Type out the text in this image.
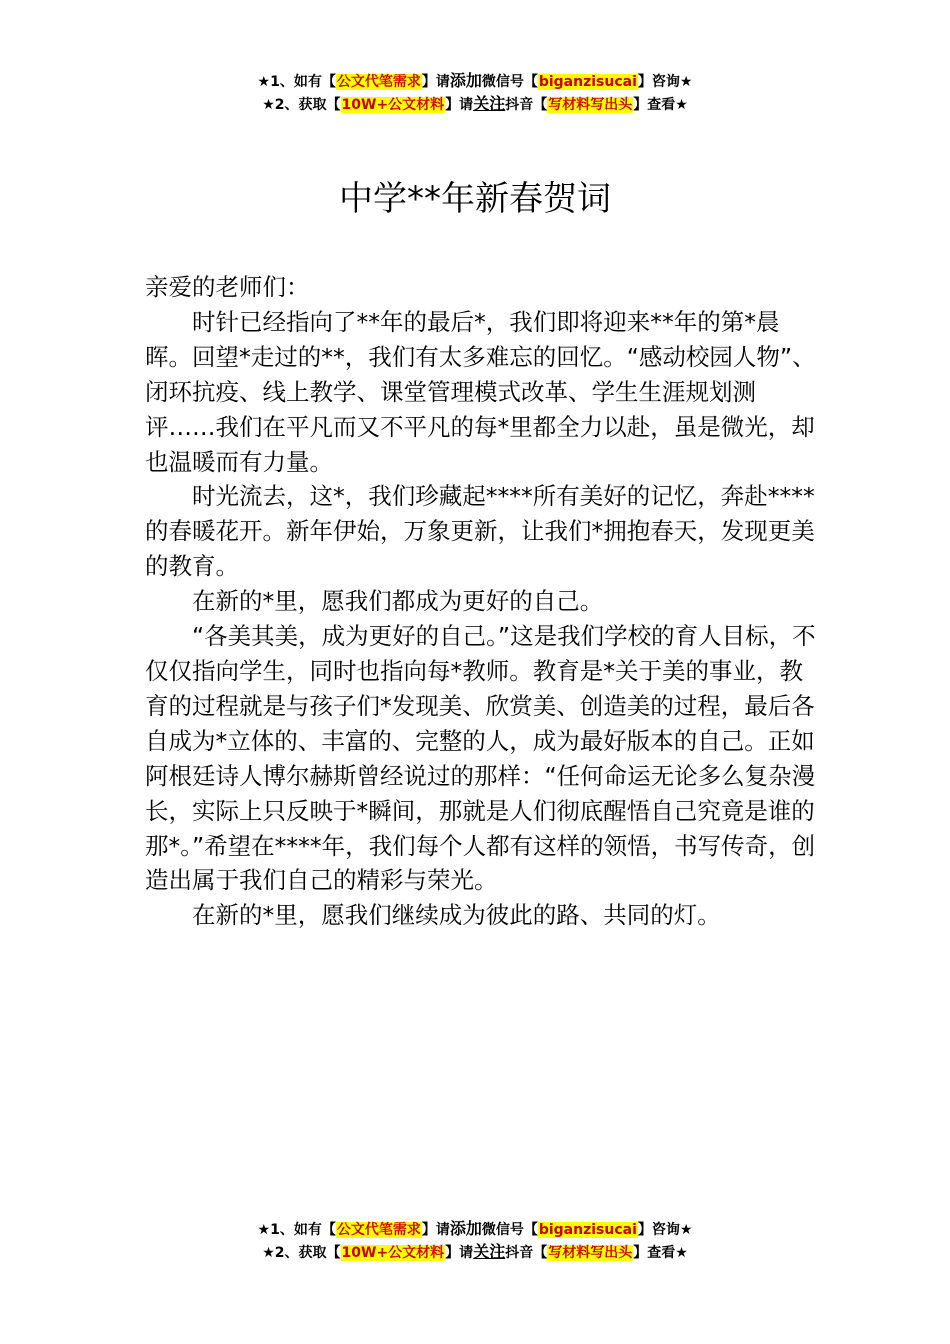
★1、如有【公文代笔需求】请添加微信号【biganzisucai】咨询★
★2、获取【10W+公文材料】请关注抖音【写材料写出头】查看★
中学**年新春贺词

亲爱的老师们：

时针已经指向了**年的最后*，我们即将迎来**年的第*晨晖。回望*走过的**，我们有太多难忘的回忆。“感动校园人物”、闭环抗疫、线上教学、课堂管理模式改革、学生生涯规划测评……我们在平凡而又不平凡的每*里都全力以赴，虽是微光，却也温暖而有力量。

时光流去，这*，我们珍藏起****所有美好的记忆，奔赴****的春暖花开。新年伊始，万象更新，让我们*拥抱春天，发现更美的教育。

在新的*里，愿我们都成为更好的自己。

“各美其美，成为更好的自己。”这是我们学校的育人目标，不仅仅指向学生，同时也指向每*教师。教育是*关于美的事业，教育的过程就是与孩子们*发现美、欣赏美、创造美的过程，最后各自成为*立体的、丰富的、完整的人，成为最好版本的自己。正如阿根廷诗人博尔赫斯曾经说过的那样：“任何命运无论多么复杂漫长，实际上只反映于*瞬间，那就是人们彻底醒悟自己究竟是谁的那*。”希望在****年，我们每个人都有这样的领悟，书写传奇，创造出属于我们自己的精彩与荣光。

在新的*里，愿我们继续成为彼此的路、共同的灯。

★1、如有【公文代笔需求】请添加微信号【biganzisucai】咨询★
★2、获取【10W+公文材料】请关注抖音【写材料写出头】查看★
